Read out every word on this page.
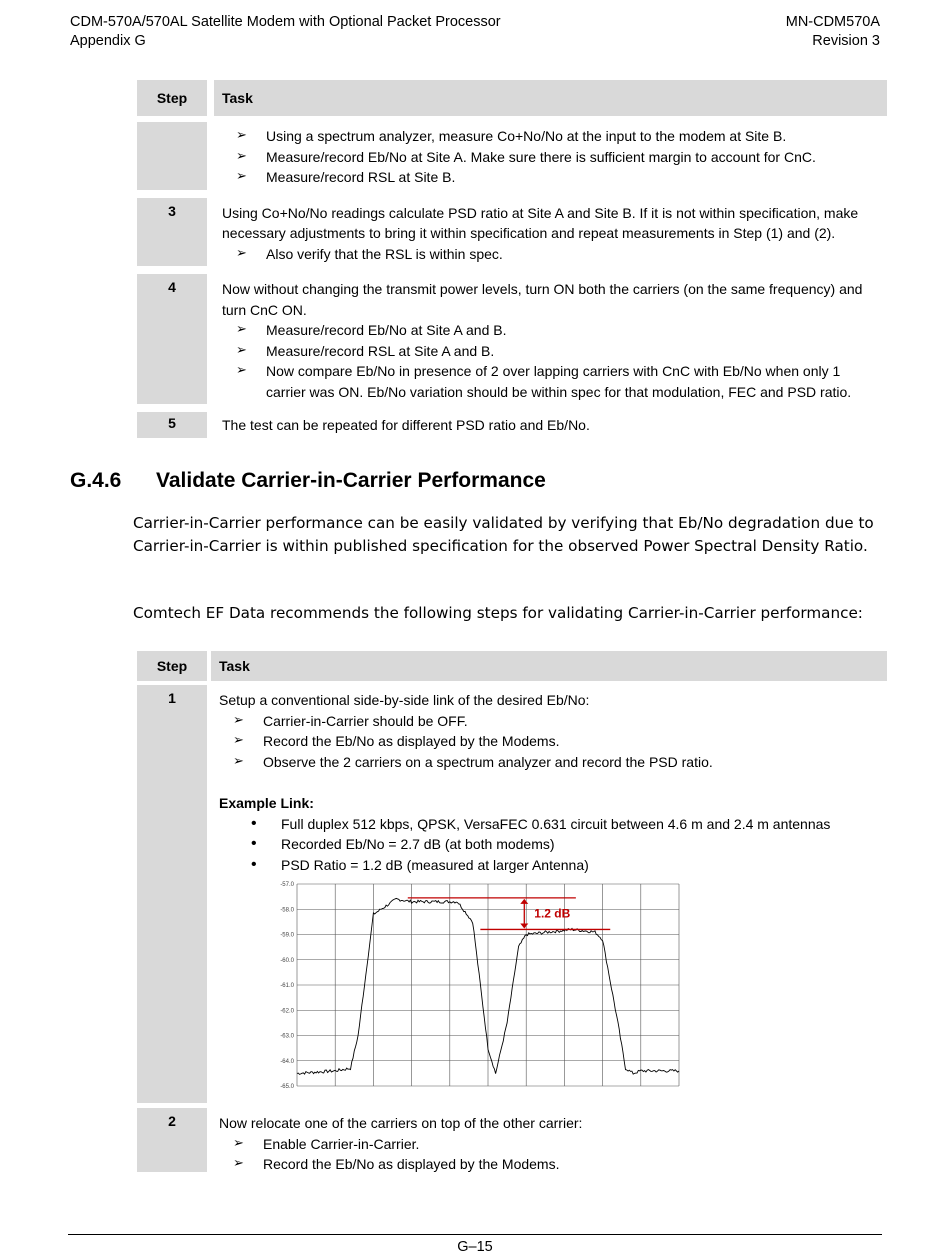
CDM-570A/570AL Satellite Modem with Optional Packet Processor
Appendix G
MN-CDM570A
Revision 3
Step	Task
➢ Using a spectrum analyzer, measure Co+No/No at the input to the modem at Site B.
➢ Measure/record Eb/No at Site A. Make sure there is sufficient margin to account for CnC.
➢ Measure/record RSL at Site B.
3	Using Co+No/No readings calculate PSD ratio at Site A and Site B. If it is not within specification, make necessary adjustments to bring it within specification and repeat measurements in Step (1) and (2).
➢ Also verify that the RSL is within spec.
4	Now without changing the transmit power levels, turn ON both the carriers (on the same frequency) and turn CnC ON.
➢ Measure/record Eb/No at Site A and B.
➢ Measure/record RSL at Site A and B.
➢ Now compare Eb/No in presence of 2 over lapping carriers with CnC with Eb/No when only 1 carrier was ON. Eb/No variation should be within spec for that modulation, FEC and PSD ratio.
5	The test can be repeated for different PSD ratio and Eb/No.
G.4.6 Validate Carrier-in-Carrier Performance
Carrier-in-Carrier performance can be easily validated by verifying that Eb/No degradation due to Carrier-in-Carrier is within published specification for the observed Power Spectral Density Ratio.
Comtech EF Data recommends the following steps for validating Carrier-in-Carrier performance:
Step	Task
1	Setup a conventional side-by-side link of the desired Eb/No:
➢ Carrier-in-Carrier should be OFF.
➢ Record the Eb/No as displayed by the Modems.
➢ Observe the 2 carriers on a spectrum analyzer and record the PSD ratio.
Example Link:
• Full duplex 512 kbps, QPSK, VersaFEC 0.631 circuit between 4.6 m and 2.4 m antennas
• Recorded Eb/No = 2.7 dB (at both modems)
• PSD Ratio = 1.2 dB (measured at larger Antenna)
-57.0
-58.0
-59.0
-60.0
-61.0
-62.0
-63.0
-64.0
-65.0
1.2 dB
2	Now relocate one of the carriers on top of the other carrier:
➢ Enable Carrier-in-Carrier.
➢ Record the Eb/No as displayed by the Modems.
G–15
